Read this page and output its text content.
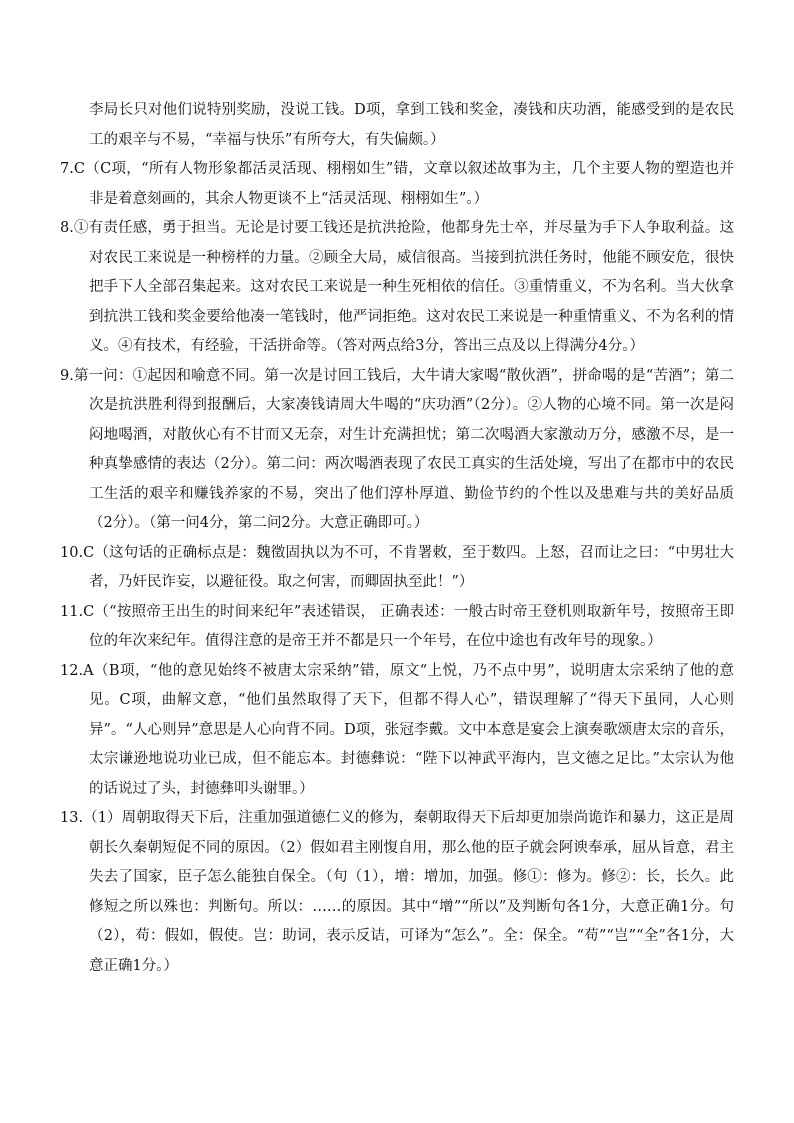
李局长只对他们说特别奖励，没说工钱。D项，拿到工钱和奖金，凑钱和庆功酒，能感受到的是农民工的艰辛与不易，“幸福与快乐”有所夸大，有失偏颇。）

7.C（C项，“所有人物形象都活灵活现、栩栩如生”错，文章以叙述故事为主，几个主要人物的塑造也并非是着意刻画的，其余人物更谈不上“活灵活现、栩栩如生”。）

8.①有责任感，勇于担当。无论是讨要工钱还是抗洪抢险，他都身先士卒，并尽量为手下人争取利益。这对农民工来说是一种榜样的力量。②顾全大局，威信很高。当接到抗洪任务时，他能不顾安危，很快把手下人全部召集起来。这对农民工来说是一种生死相依的信任。③重情重义，不为名利。当大伙拿到抗洪工钱和奖金要给他凑一笔钱时，他严词拒绝。这对农民工来说是一种重情重义、不为名利的情义。④有技术，有经验，干活拼命等。（答对两点给3分，答出三点及以上得满分4分。）

9.第一问：①起因和喻意不同。第一次是讨回工钱后，大牛请大家喝“散伙酒”，拼命喝的是“苦酒”；第二次是抗洪胜利得到报酬后，大家凑钱请周大牛喝的“庆功酒”（2分）。②人物的心境不同。第一次是闷闷地喝酒，对散伙心有不甘而又无奈，对生计充满担忧；第二次喝酒大家激动万分，感激不尽，是一种真挚感情的表达（2分）。第二问：两次喝酒表现了农民工真实的生活处境，写出了在都市中的农民工生活的艰辛和赚钱养家的不易，突出了他们淳朴厚道、勤俭节约的个性以及患难与共的美好品质（2分）。（第一问4分，第二问2分。大意正确即可。）

10.C（这句话的正确标点是：魏徵固执以为不可，不肯署敕，至于数四。上怒，召而让之曰：“中男壮大者，乃奸民诈妄，以避征役。取之何害，而卿固执至此！”）

11.C（“按照帝王出生的时间来纪年”表述错误， 正确表述：一般古时帝王登机则取新年号，按照帝王即位的年次来纪年。值得注意的是帝王并不都是只一个年号，在位中途也有改年号的现象。）

12.A（B项，“他的意见始终不被唐太宗采纳”错，原文“上悦，乃不点中男”，说明唐太宗采纳了他的意见。C项，曲解文意，“他们虽然取得了天下，但都不得人心”，错误理解了“得天下虽同，人心则异”。“人心则异”意思是人心向背不同。D项，张冠李戴。文中本意是宴会上演奏歌颂唐太宗的音乐，太宗谦逊地说功业已成，但不能忘本。封德彝说：“陛下以神武平海内，岂文德之足比。”太宗认为他的话说过了头，封德彝叩头谢罪。）

13.（1）周朝取得天下后，注重加强道德仁义的修为，秦朝取得天下后却更加崇尚诡诈和暴力，这正是周朝长久秦朝短促不同的原因。（2）假如君主刚愎自用，那么他的臣子就会阿谀奉承，屈从旨意，君主失去了国家，臣子怎么能独自保全。（句（1），增：增加，加强。修①：修为。修②：长，长久。此修短之所以殊也：判断句。所以：……的原因。其中“增”“所以”及判断句各1分，大意正确1分。句（2），苟：假如，假使。岂：助词，表示反诘，可译为“怎么”。全：保全。“苟”“岂”“全”各1分，大意正确1分。）
